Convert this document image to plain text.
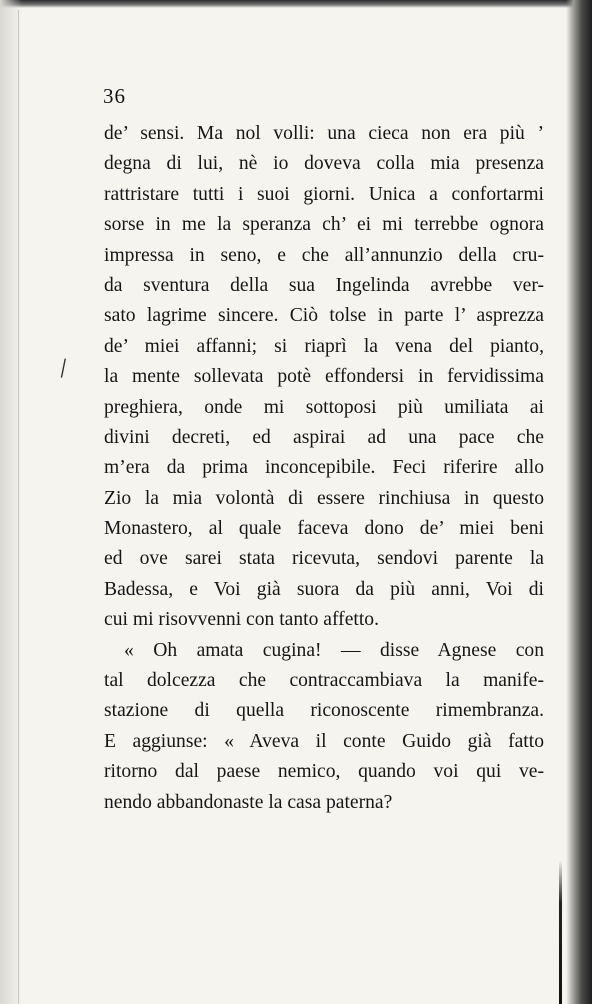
⁄
36
de’ sensi. Ma nol volli: una cieca non era più ’
degna di lui, nè io doveva colla mia presenza
rattristare tutti i suoi giorni. Unica a confortarmi
sorse in me la speranza ch’ ei mi terrebbe ognora
impressa in seno, e che all’annunzio della cru-
da sventura della sua Ingelinda avrebbe ver-
sato lagrime sincere. Ciò tolse in parte l’ asprezza
de’ miei affanni; si riaprì la vena del pianto,
la mente sollevata potè effondersi in fervidissima
preghiera, onde mi sottoposi più umiliata ai
divini decreti, ed aspirai ad una pace che
m’era da prima inconcepibile. Feci riferire allo
Zio la mia volontà di essere rinchiusa in questo
Monastero, al quale faceva dono de’ miei beni
ed ove sarei stata ricevuta, sendovi parente la
Badessa, e Voi già suora da più anni, Voi di
cui mi risovvenni con tanto affetto.
« Oh amata cugina! — disse Agnese con
tal dolcezza che contraccambiava la manife-
stazione di quella riconoscente rimembranza.
E aggiunse: « Aveva il conte Guido già fatto
ritorno dal paese nemico, quando voi qui ve-
nendo abbandonaste la casa paterna?
